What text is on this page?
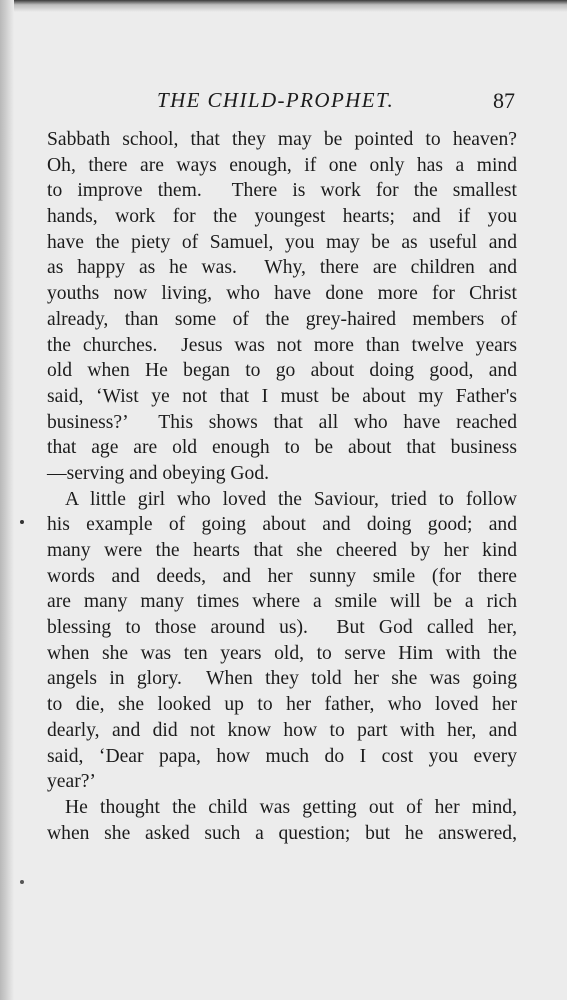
THE CHILD-PROPHET.	87
Sabbath school, that they may be pointed to heaven?
Oh, there are ways enough, if one only has a mind
to improve them.  There is work for the smallest
hands, work for the youngest hearts; and if you
have the piety of Samuel, you may be as useful and
as happy as he was.  Why, there are children and
youths now living, who have done more for Christ
already, than some of the grey-haired members of
the churches.  Jesus was not more than twelve years
old when He began to go about doing good, and
said, ‘Wist ye not that I must be about my Father's
business?’  This shows that all who have reached
that age are old enough to be about that business
—serving and obeying God.
A little girl who loved the Saviour, tried to follow
his example of going about and doing good; and
many were the hearts that she cheered by her kind
words and deeds, and her sunny smile (for there
are many many times where a smile will be a rich
blessing to those around us).  But God called her,
when she was ten years old, to serve Him with the
angels in glory.  When they told her she was going
to die, she looked up to her father, who loved her
dearly, and did not know how to part with her, and
said, ‘Dear papa, how much do I cost you every
year?’
He thought the child was getting out of her mind,
when she asked such a question; but he answered,
